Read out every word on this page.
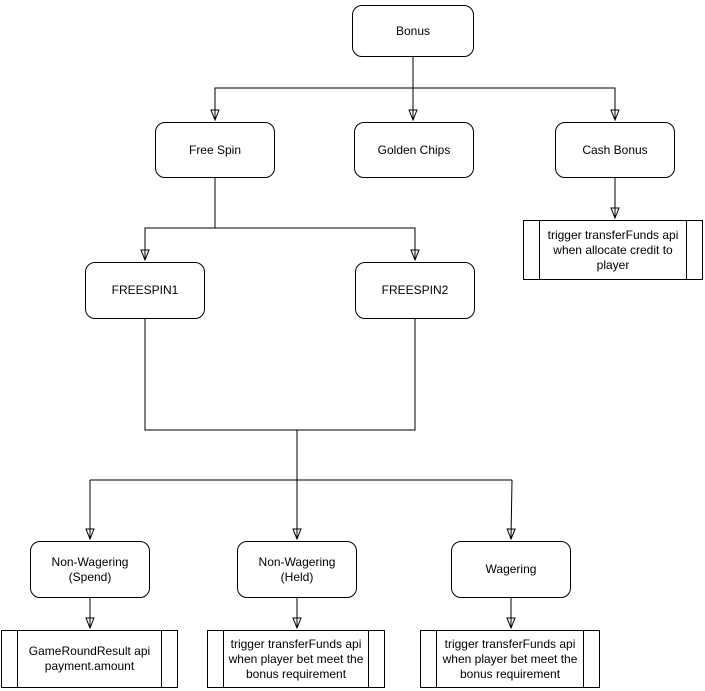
Bonus
Free Spin	Golden Chips	Cash Bonus
trigger transferFunds api when allocate credit to player
FREESPIN1	FREESPIN2
Non-Wagering (Spend)
Non-Wagering (Held)
Wagering
GameRoundResult api payment.amount
trigger transferFunds api when player bet meet the bonus requirement
trigger transferFunds api when player bet meet the bonus requirement
